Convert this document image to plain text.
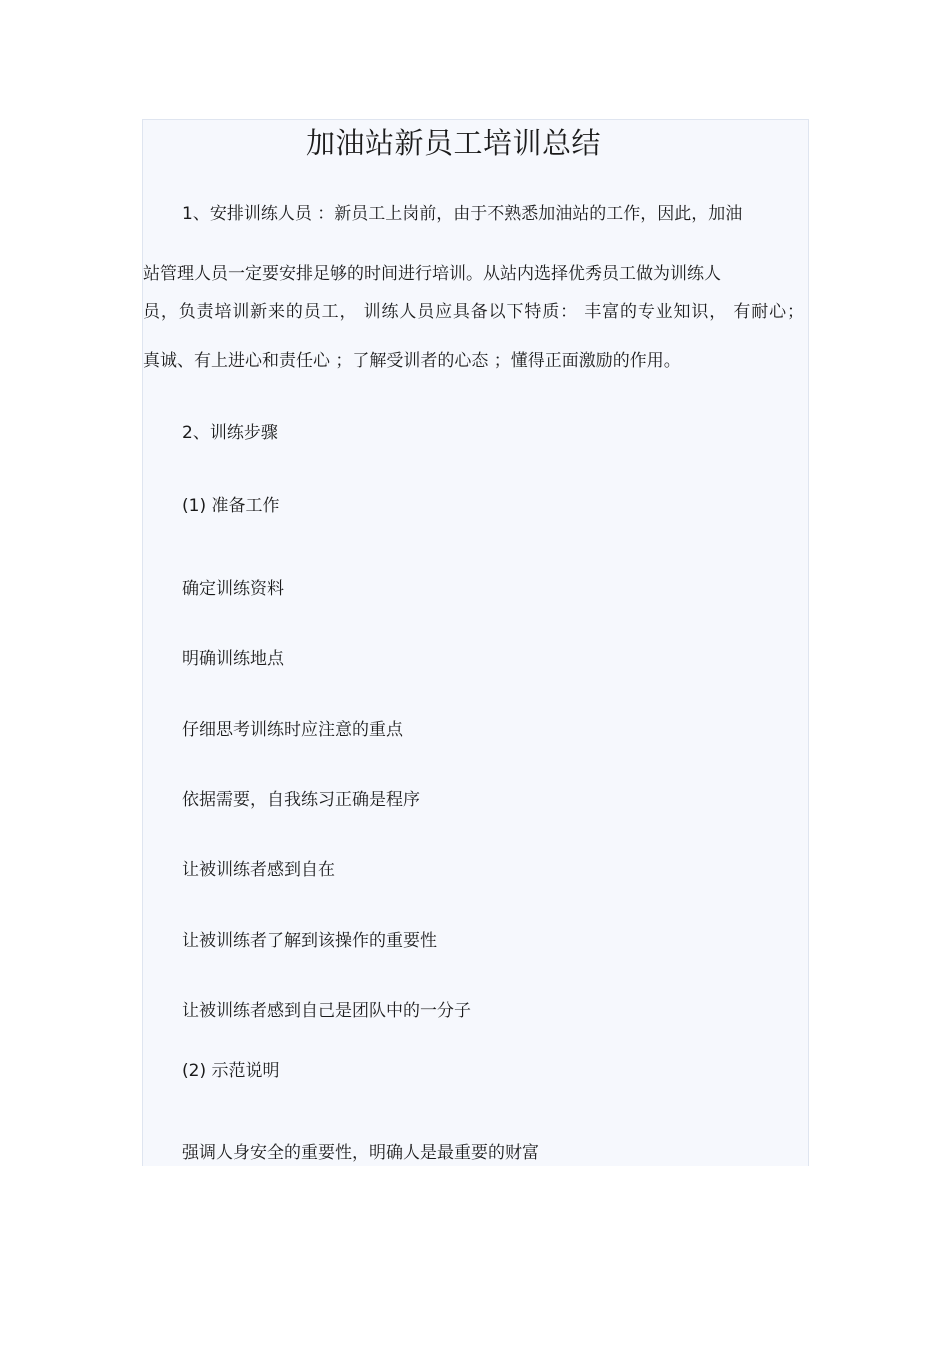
加油站新员工培训总结
1、安排训练人员 ：新员工上岗前，由于不熟悉加油站的工作，因此，加油
站管理人员一定要安排足够的时间进行培训。从站内选择优秀员工做为训练人
员，负责培训新来的员工， 训练人员应具备以下特质： 丰富的专业知识， 有耐心；
真诚、有上进心和责任心 ；了解受训者的心态 ；懂得正面激励的作用。
2、训练步骤
(1) 准备工作
确定训练资料
明确训练地点
仔细思考训练时应注意的重点
依据需要，自我练习正确是程序
让被训练者感到自在
让被训练者了解到该操作的重要性
让被训练者感到自己是团队中的一分子
(2) 示范说明
强调人身安全的重要性，明确人是最重要的财富
